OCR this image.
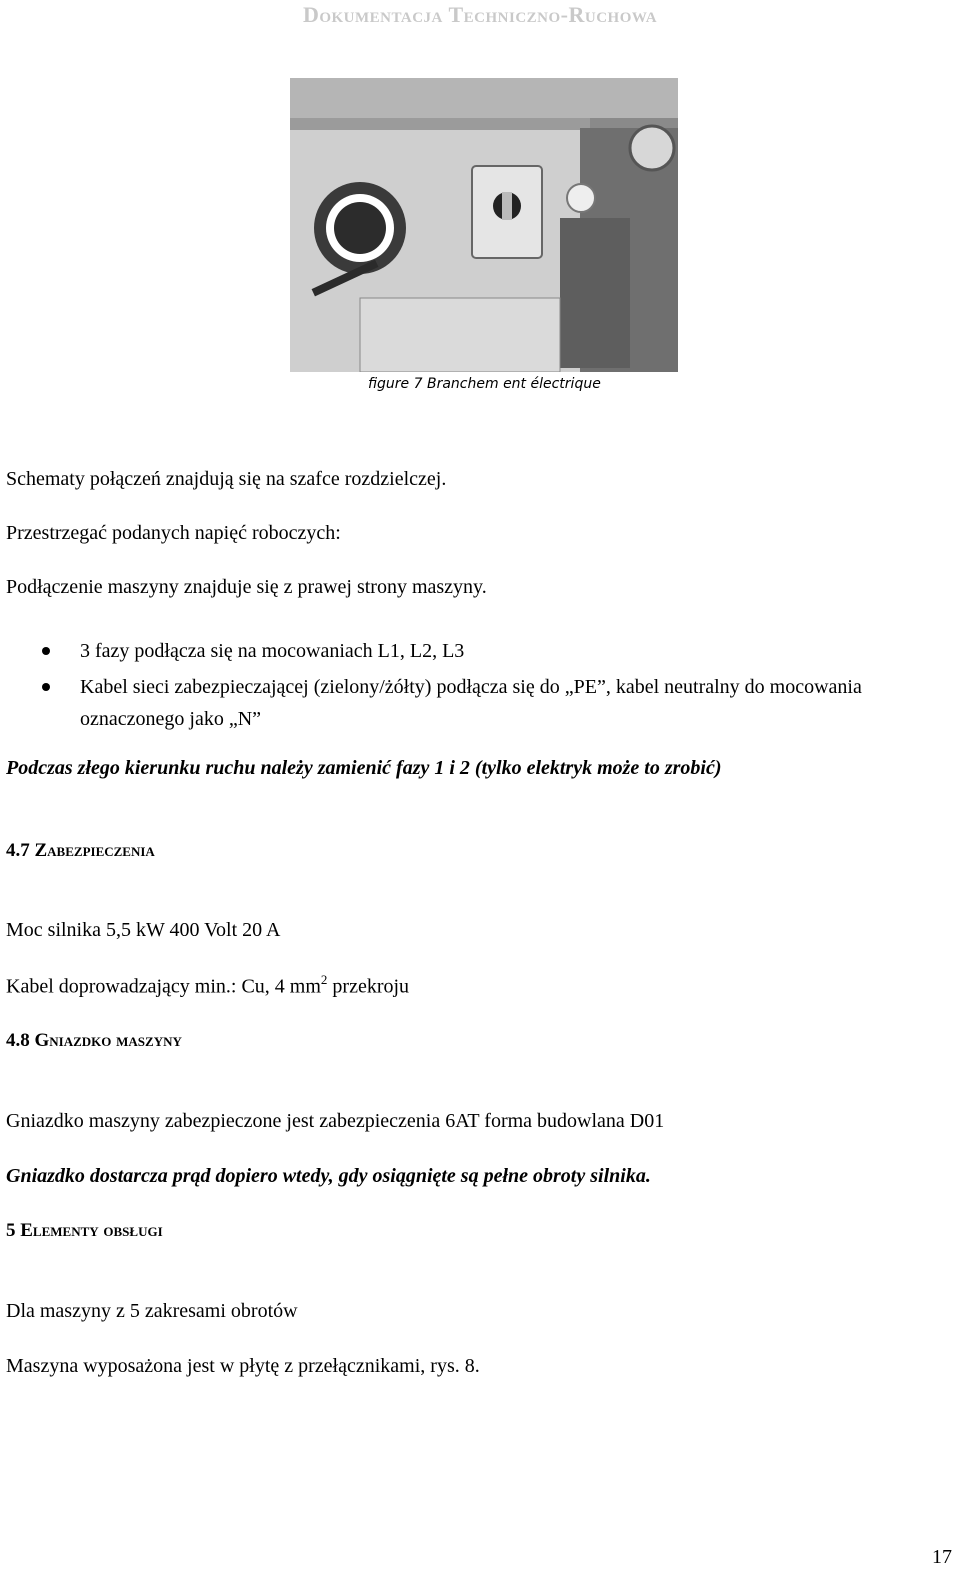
Dokumentacja Techniczno-Ruchowa
figure 7 Branchem ent électrique
Schematy połączeń znajdują się na szafce rozdzielczej.
Przestrzegać podanych napięć roboczych:
Podłączenie maszyny znajduje się z prawej strony maszyny.
3 fazy podłącza się na mocowaniach L1, L2, L3
Kabel sieci zabezpieczającej (zielony/żółty) podłącza się do „PE”, kabel neutralny do mocowania oznaczonego jako „N”
Podczas złego kierunku ruchu należy zamienić fazy 1 i 2 (tylko elektryk może to zrobić)
4.7 Zabezpieczenia
Moc silnika 5,5 kW 400 Volt 20 A
Kabel doprowadzający min.: Cu, 4 $mm^2$ przekroju
4.8 Gniazdko maszyny
Gniazdko maszyny zabezpieczone jest zabezpieczenia 6AT forma budowlana D01
Gniazdko dostarcza prąd dopiero wtedy, gdy osiągnięte są pełne obroty silnika.
5 Elementy obsługi
Dla maszyny z 5 zakresami obrotów
Maszyna wyposażona jest w płytę z przełącznikami, rys. 8.
17
